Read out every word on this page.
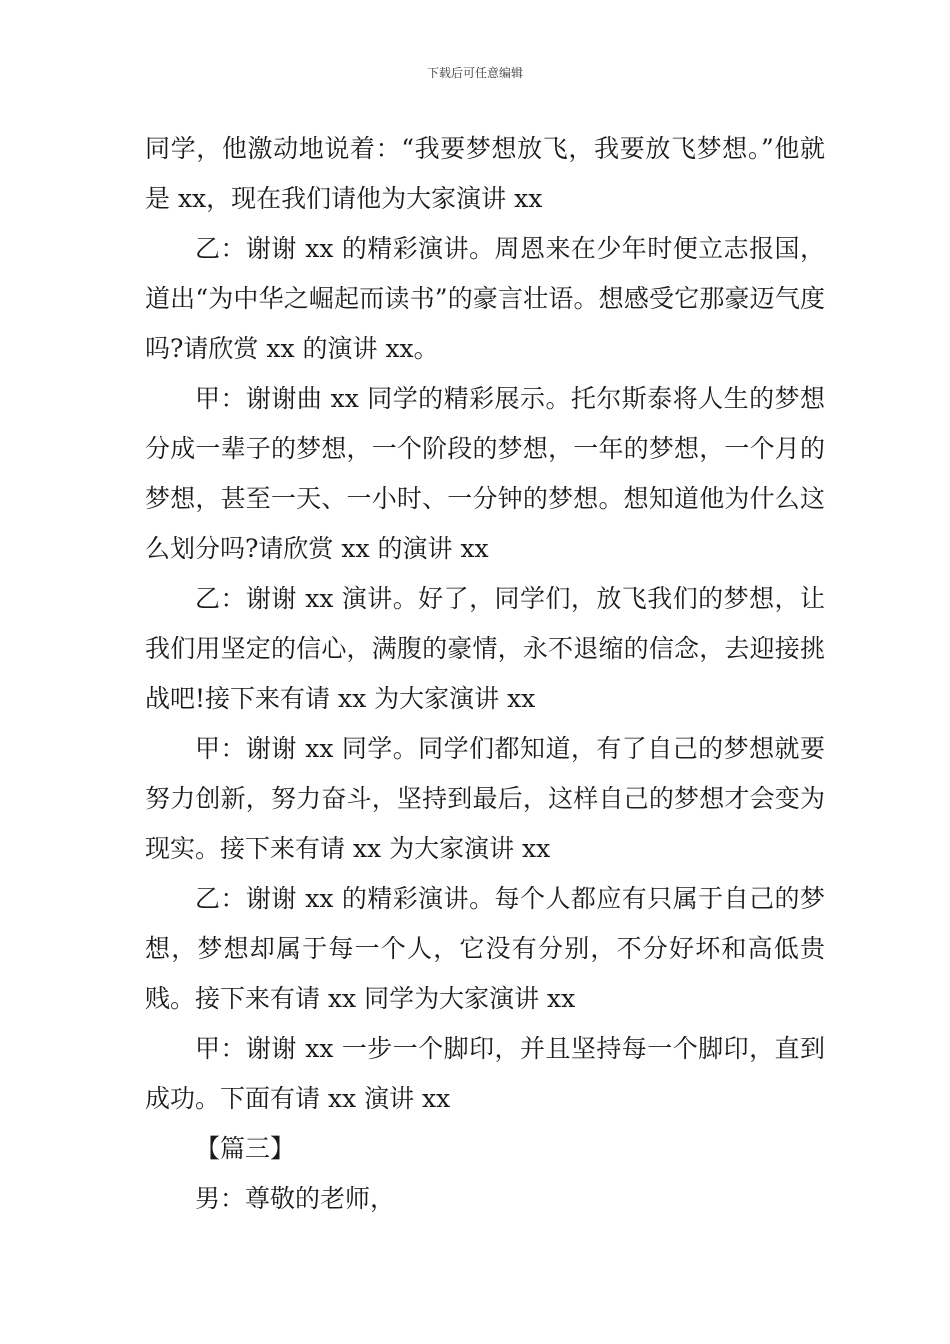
下载后可任意编辑

同学，他激动地说着：“我要梦想放飞，我要放飞梦想。”他就是 xx，现在我们请他为大家演讲 xx

乙：谢谢 xx 的精彩演讲。周恩来在少年时便立志报国，道出“为中华之崛起而读书”的豪言壮语。想感受它那豪迈气度吗?请欣赏 xx 的演讲 xx。

甲：谢谢曲 xx 同学的精彩展示。托尔斯泰将人生的梦想分成一辈子的梦想，一个阶段的梦想，一年的梦想，一个月的梦想，甚至一天、一小时、一分钟的梦想。想知道他为什么这么划分吗?请欣赏 xx 的演讲 xx

乙：谢谢 xx 演讲。好了，同学们，放飞我们的梦想，让我们用坚定的信心，满腹的豪情，永不退缩的信念，去迎接挑战吧!接下来有请 xx 为大家演讲 xx

甲：谢谢 xx 同学。同学们都知道，有了自己的梦想就要努力创新，努力奋斗，坚持到最后，这样自己的梦想才会变为现实。接下来有请 xx 为大家演讲 xx

乙：谢谢 xx 的精彩演讲。每个人都应有只属于自己的梦想，梦想却属于每一个人，它没有分别，不分好坏和高低贵贱。接下来有请 xx 同学为大家演讲 xx

甲：谢谢 xx 一步一个脚印，并且坚持每一个脚印，直到成功。下面有请 xx 演讲 xx

【篇三】

男：尊敬的老师，
